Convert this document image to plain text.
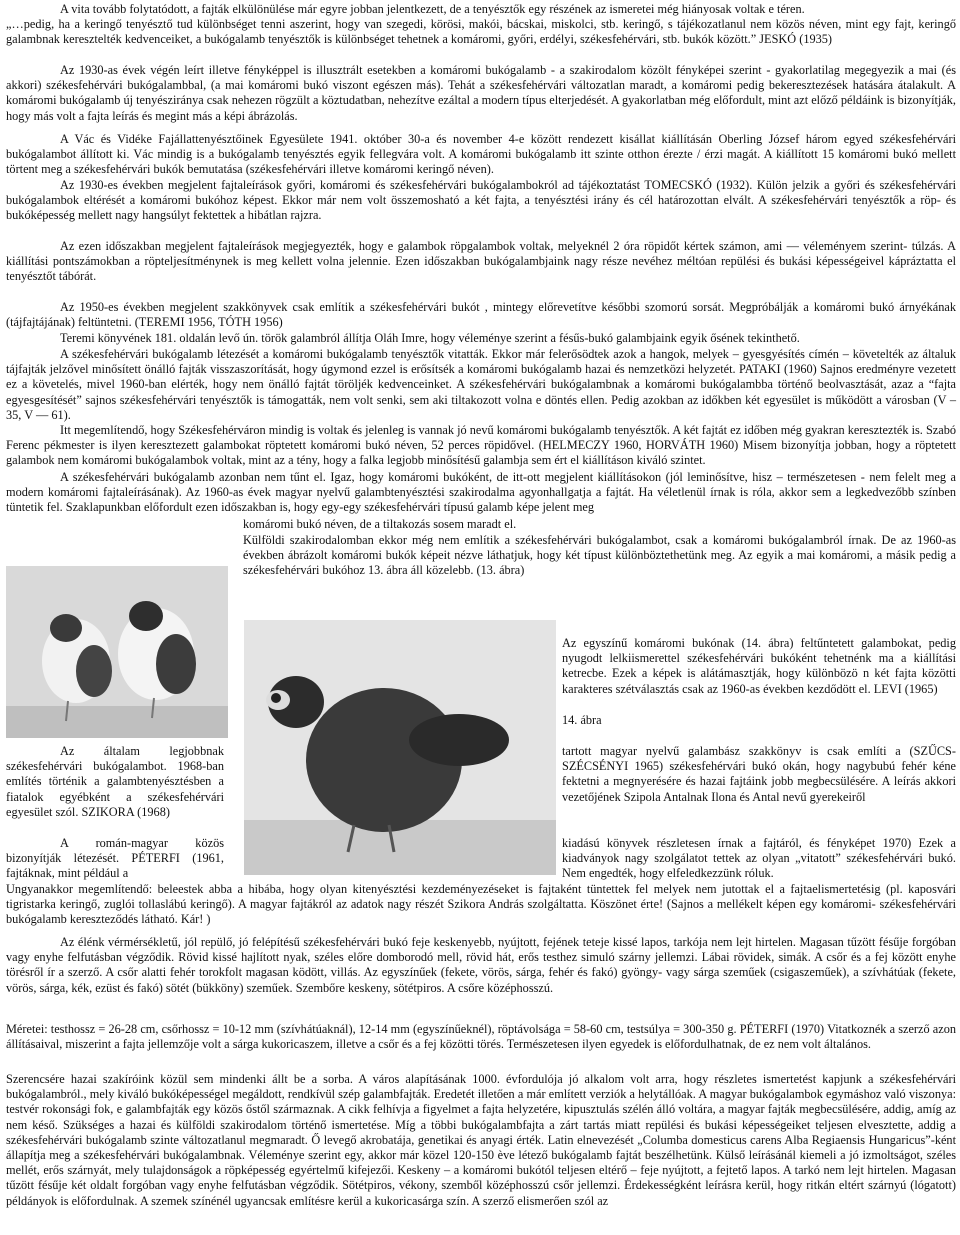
A vita tovább folytatódott, a fajták elkülönülése már egyre jobban jelentkezett, de a tenyésztők egy részének az ismeretei még hiányosak voltak e téren.

„…pedig, ha a keringő tenyésztő tud különbséget tenni aszerint, hogy van szegedi, körösi, makói, bácskai, miskolci, stb. keringő, s tájékozatlanul nem közös néven, mint egy fajt, keringő galambnak keresztelték kedvenceiket, a bukógalamb tenyésztők is különbséget tehetnek a komáromi, győri, erdélyi, székesfehérvári, stb. bukók között.” JESKÓ (1935)

Az 1930-as évek végén leírt illetve fényképpel is illusztrált esetekben a komáromi bukógalamb - a szakirodalom közölt fényképei szerint - gyakorlatilag megegyezik a mai (és akkori) székesfehérvári bukógalambbal, (a mai komáromi bukó viszont egészen más). Tehát a székesfehérvári változatlan maradt, a komáromi pedig bekeresztezések hatására átalakult. A komáromi bukógalamb új tenyésziránya csak nehezen rögzült a köztudatban, nehezítve ezáltal a modern típus elterjedését. A gyakorlatban még előfordult, mint azt előző példáink is bizonyítják, hogy más volt a fajta leírás és megint más a képi ábrázolás.

A Vác és Vidéke Fajállattenyésztőinek Egyesülete 1941. október 30-a és november 4-e között rendezett kisállat kiállításán Oberling József három egyed székesfehérvári bukógalambot állított ki. Vác mindig is a bukógalamb tenyésztés egyik fellegvára volt. A komáromi bukógalamb itt szinte otthon érezte / érzi magát. A kiállított 15 komáromi bukó mellett törtent meg a székesfehérvári bukók bemutatása (székesfehérvári illetve komáromi keringő néven).

Az 1930-es években megjelent fajtaleírások győri, komáromi és székesfehérvári bukógalambokról ad tájékoztatást TOMECSKÓ (1932). Külön jelzik a győri és székesfehérvári bukógalambok eltérését a komáromi bukóhoz képest. Ekkor már nem volt összemosható a két fajta, a tenyésztési irány és cél határozottan elvált. A székesfehérvári tenyésztők a röp- és bukóképesség mellett nagy hangsúlyt fektettek a hibátlan rajzra.

Az ezen időszakban megjelent fajtaleírások megjegyezték, hogy e galambok röpgalambok voltak, melyeknél 2 óra röpidőt kértek számon, ami — véleményem szerint- túlzás. A kiállítási pontszámokban a röpteljesítménynek is meg kellett volna jelennie. Ezen időszakban bukógalambjaink nagy része nevéhez méltóan repülési és bukási képességeivel kápráztatta el tenyésztőt tábórát.

Az 1950-es években megjelent szakkönyvek csak említik a székesfehérvári bukót , mintegy előrevetítve későbbi szomorú sorsát. Megpróbálják a komáromi bukó árnyékának (tájfajtájának) feltüntetni. (TEREMI 1956, TÓTH 1956)

Teremi könyvének 181. oldalán levő ún. török galambról állítja Oláh Imre, hogy véleménye szerint a fésűs-bukó galambjaink egyik ősének tekinthető.

A székesfehérvári bukógalamb létezését a komáromi bukógalamb tenyésztők vitatták. Ekkor már felerősödtek azok a hangok, melyek – gyesgyésítés címén – követelték az általuk tájfajták jelzővel minősített önálló fajták visszaszorítását, hogy úgymond ezzel is erősítsék a komáromi bukógalamb hazai és nemzetközi helyzetét. PATAKI (1960) Sajnos eredményre vezetett ez a követelés, mivel 1960-ban elérték, hogy nem önálló fajtát töröljék kedvenceinket. A székesfehérvári bukógalambnak a komáromi bukógalambba történő beolvasztását, azaz a “fajta egyesgesítését” sajnos székesfehérvári tenyésztők is támogatták, nem volt senki, sem aki tiltakozott volna e döntés ellen. Pedig azokban az időkben két egyesület is működött a városban (V – 35, V — 61).

Itt megemlítendő, hogy Székesfehérváron mindig is voltak és jelenleg is vannak jó nevű komáromi bukógalamb tenyésztők. A két fajtát ez időben még gyakran keresztezték is. Szabó Ferenc pékmester is ilyen keresztezett galambokat röptetett komáromi bukó néven, 52 perces röpidővel. (HELMECZY 1960, HORVÁTH 1960) Misem bizonyítja jobban, hogy a röptetett galambok nem komáromi bukógalambok voltak, mint az a tény, hogy a falka legjobb minősítésű galambja sem ért el kiállításon kiváló szintet.

A székesfehérvári bukógalamb azonban nem tűnt el. Igaz, hogy komáromi bukóként, de itt-ott megjelent kiállításokon (jól leminősítve, hisz – természetesen - nem felelt meg a modern komáromi fajtaleírásának). Az 1960-as évek magyar nyelvű galambtenyésztési szakirodalma agyonhallgatja a fajtát. Ha véletlenül írnak is róla, akkor sem a legkedvezőbb színben tüntetik fel. Szaklapunkban előfordult ezen időszakban is, hogy egy-egy székesfehérvári típusú galamb képe jelent meg

komáromi bukó néven, de a tiltakozás sosem maradt el.

Külföldi szakirodalomban ekkor még nem említik a székesfehérvári bukógalambot, csak a komáromi bukógalambról írnak. De az 1960-as években ábrázolt komáromi bukók képeit nézve láthatjuk, hogy két típust különböztethetünk meg. Az egyik a mai komáromi, a másik pedig a székesfehérvári bukóhoz 13. ábra áll közelebb. (13. ábra)

Az egyszínű komáromi bukónak (14. ábra) feltűntetett galambokat, pedig nyugodt lelkiismerettel székesfehérvári bukóként tehetnénk ma a kiállítási ketrecbe. Ezek a képek is alátámasztják, hogy különbözö n két fajta közötti karakteres szétválasztás csak az 1960-as években kezdődött el. LEVI (1965)

14. ábra

tartott magyar nyelvű galambász szakkönyv is csak említi a (SZŰCS-SZÉCSÉNYI 1965) székesfehérvári bukó okán, hogy nagybubú fehér kéne fektetni a megnyerésére és hazai fajtáink jobb megbecsülésére. A leírás akkori vezetőjének Szipola Antalnak Ilona és Antal nevű gyerekeiről

kiadású könyvek részletesen írnak a fajtáról, és fényképet 1970) Ezek a kiadványok nagy szolgálatot tettek az olyan „vitatott” székesfehérvári bukó. Nem engedték, hogy elfeledkezzünk róluk.

Az általam legjobbnak székesfehérvári bukógalambot. 1968-ban említés történik a galambtenyésztésben a fiatalok egyébként a székesfehérvári egyesület szól. SZIKORA (1968)

A román-magyar közös bizonyítják létezését. PÉTERFI (1961, fajtáknak, mint például a

Ungyanakkor megemlítendő: beleestek abba a hibába, hogy olyan kitenyésztési kezdeményezéseket is fajtaként tüntettek fel melyek nem jutottak el a fajtaelismertetésig (pl. kaposvári tigristarka keringő, zuglói tollaslábú keringő). A magyar fajtákról az adatok nagy részét Szikora András szolgáltatta. Köszönet érte! (Sajnos a mellékelt képen egy komáromi- székesfehérvári bukógalamb kereszteződés látható. Kár! )

Az élénk vérmérsékletű, jól repülő, jó felépítésű székesfehérvári bukó feje keskenyebb, nyújtott, fejének teteje kissé lapos, tarkója nem lejt hirtelen. Magasan tűzött fésűje forgóban vagy enyhe felfutásban végződik. Rövid kissé hajlított nyak, széles előre domborodó mell, rövid hát, erős testhez simuló szárny jellemzi. Lábai rövidek, simák. A csőr és a fej között enyhe törésről ír a szerző. A csőr alatti fehér torokfolt magasan ködött, villás. Az egyszínűek (fekete, vörös, sárga, fehér és fakó) gyöngy- vagy sárga szeműek (csigaszeműek), a szívhátúak (fekete, vörös, sárga, kék, ezüst és fakó) sötét (bükköny) szeműek. Szembőre keskeny, sötétpiros. A csőre középhosszú.

Méretei: testhossz = 26-28 cm, csőrhossz = 10-12 mm (szívhátúaknál), 12-14 mm (egyszínűeknél), röptávolsága = 58-60 cm, testsúlya = 300-350 g. PÉTERFI (1970) Vitatkoznék a szerző azon állításaival, miszerint a fajta jellemzője volt a sárga kukoricaszem, illetve a csőr és a fej közötti törés. Természetesen ilyen egyedek is előfordulhatnak, de ez nem volt általános.

Szerencsére hazai szakíróink közül sem mindenki állt be a sorba. A város alapításának 1000. évfordulója jó alkalom volt arra, hogy részletes ismertetést kapjunk a székesfehérvári bukógalambról., mely kiváló bukóképességel megáldott, rendkívül szép galambfajták. Eredetét illetően a már említett verziók a helytállóak. A magyar bukógalambok egymáshoz való viszonya: testvér rokonsági fok, e galambfajták egy közös őstől származnak. A cikk felhívja a figyelmet a fajta helyzetére, kipusztulás szélén álló voltára, a magyar fajták megbecsülésére, addig, amíg az nem késő. Szükséges a hazai és külföldi szakirodalom történő ismertetése. Míg a többi bukógalambfajta a zárt tartás miatt repülési és bukási képességeiket teljesen elvesztette, addig a székesfehérvári bukógalamb szinte változatlanul megmaradt. Ő levegő akrobatája, genetikai és anyagi érték. Latin elnevezését „Columba domesticus carens Alba Regiaensis Hungaricus”-ként állapítja meg a székesfehérvári bukógalambnak. Véleménye szerint egy, akkor már közel 120-150 ève létező bukógalamb fajtát beszélhetünk. Külső leírásánál kiemeli a jó izmoltságot, széles mellét, erős szárnyát, mely tulajdonságok a röpképesség egyértelmű kifejezői. Keskeny – a komáromi bukótól teljesen eltérő – feje nyújtott, a fejtető lapos. A tarkó nem lejt hirtelen. Magasan tűzött fésűje két oldalt forgóban vagy enyhe felfutásban végződik. Sötétpiros, vékony, szemből középhosszú csőr jellemzi. Érdekességként leírásra kerül, hogy ritkán eltért szárnyú (lógatott) példányok is előfordulnak. A szemek színénél ugyancsak említésre kerül a kukoricasárga szín. A szerző elismerően szól az
